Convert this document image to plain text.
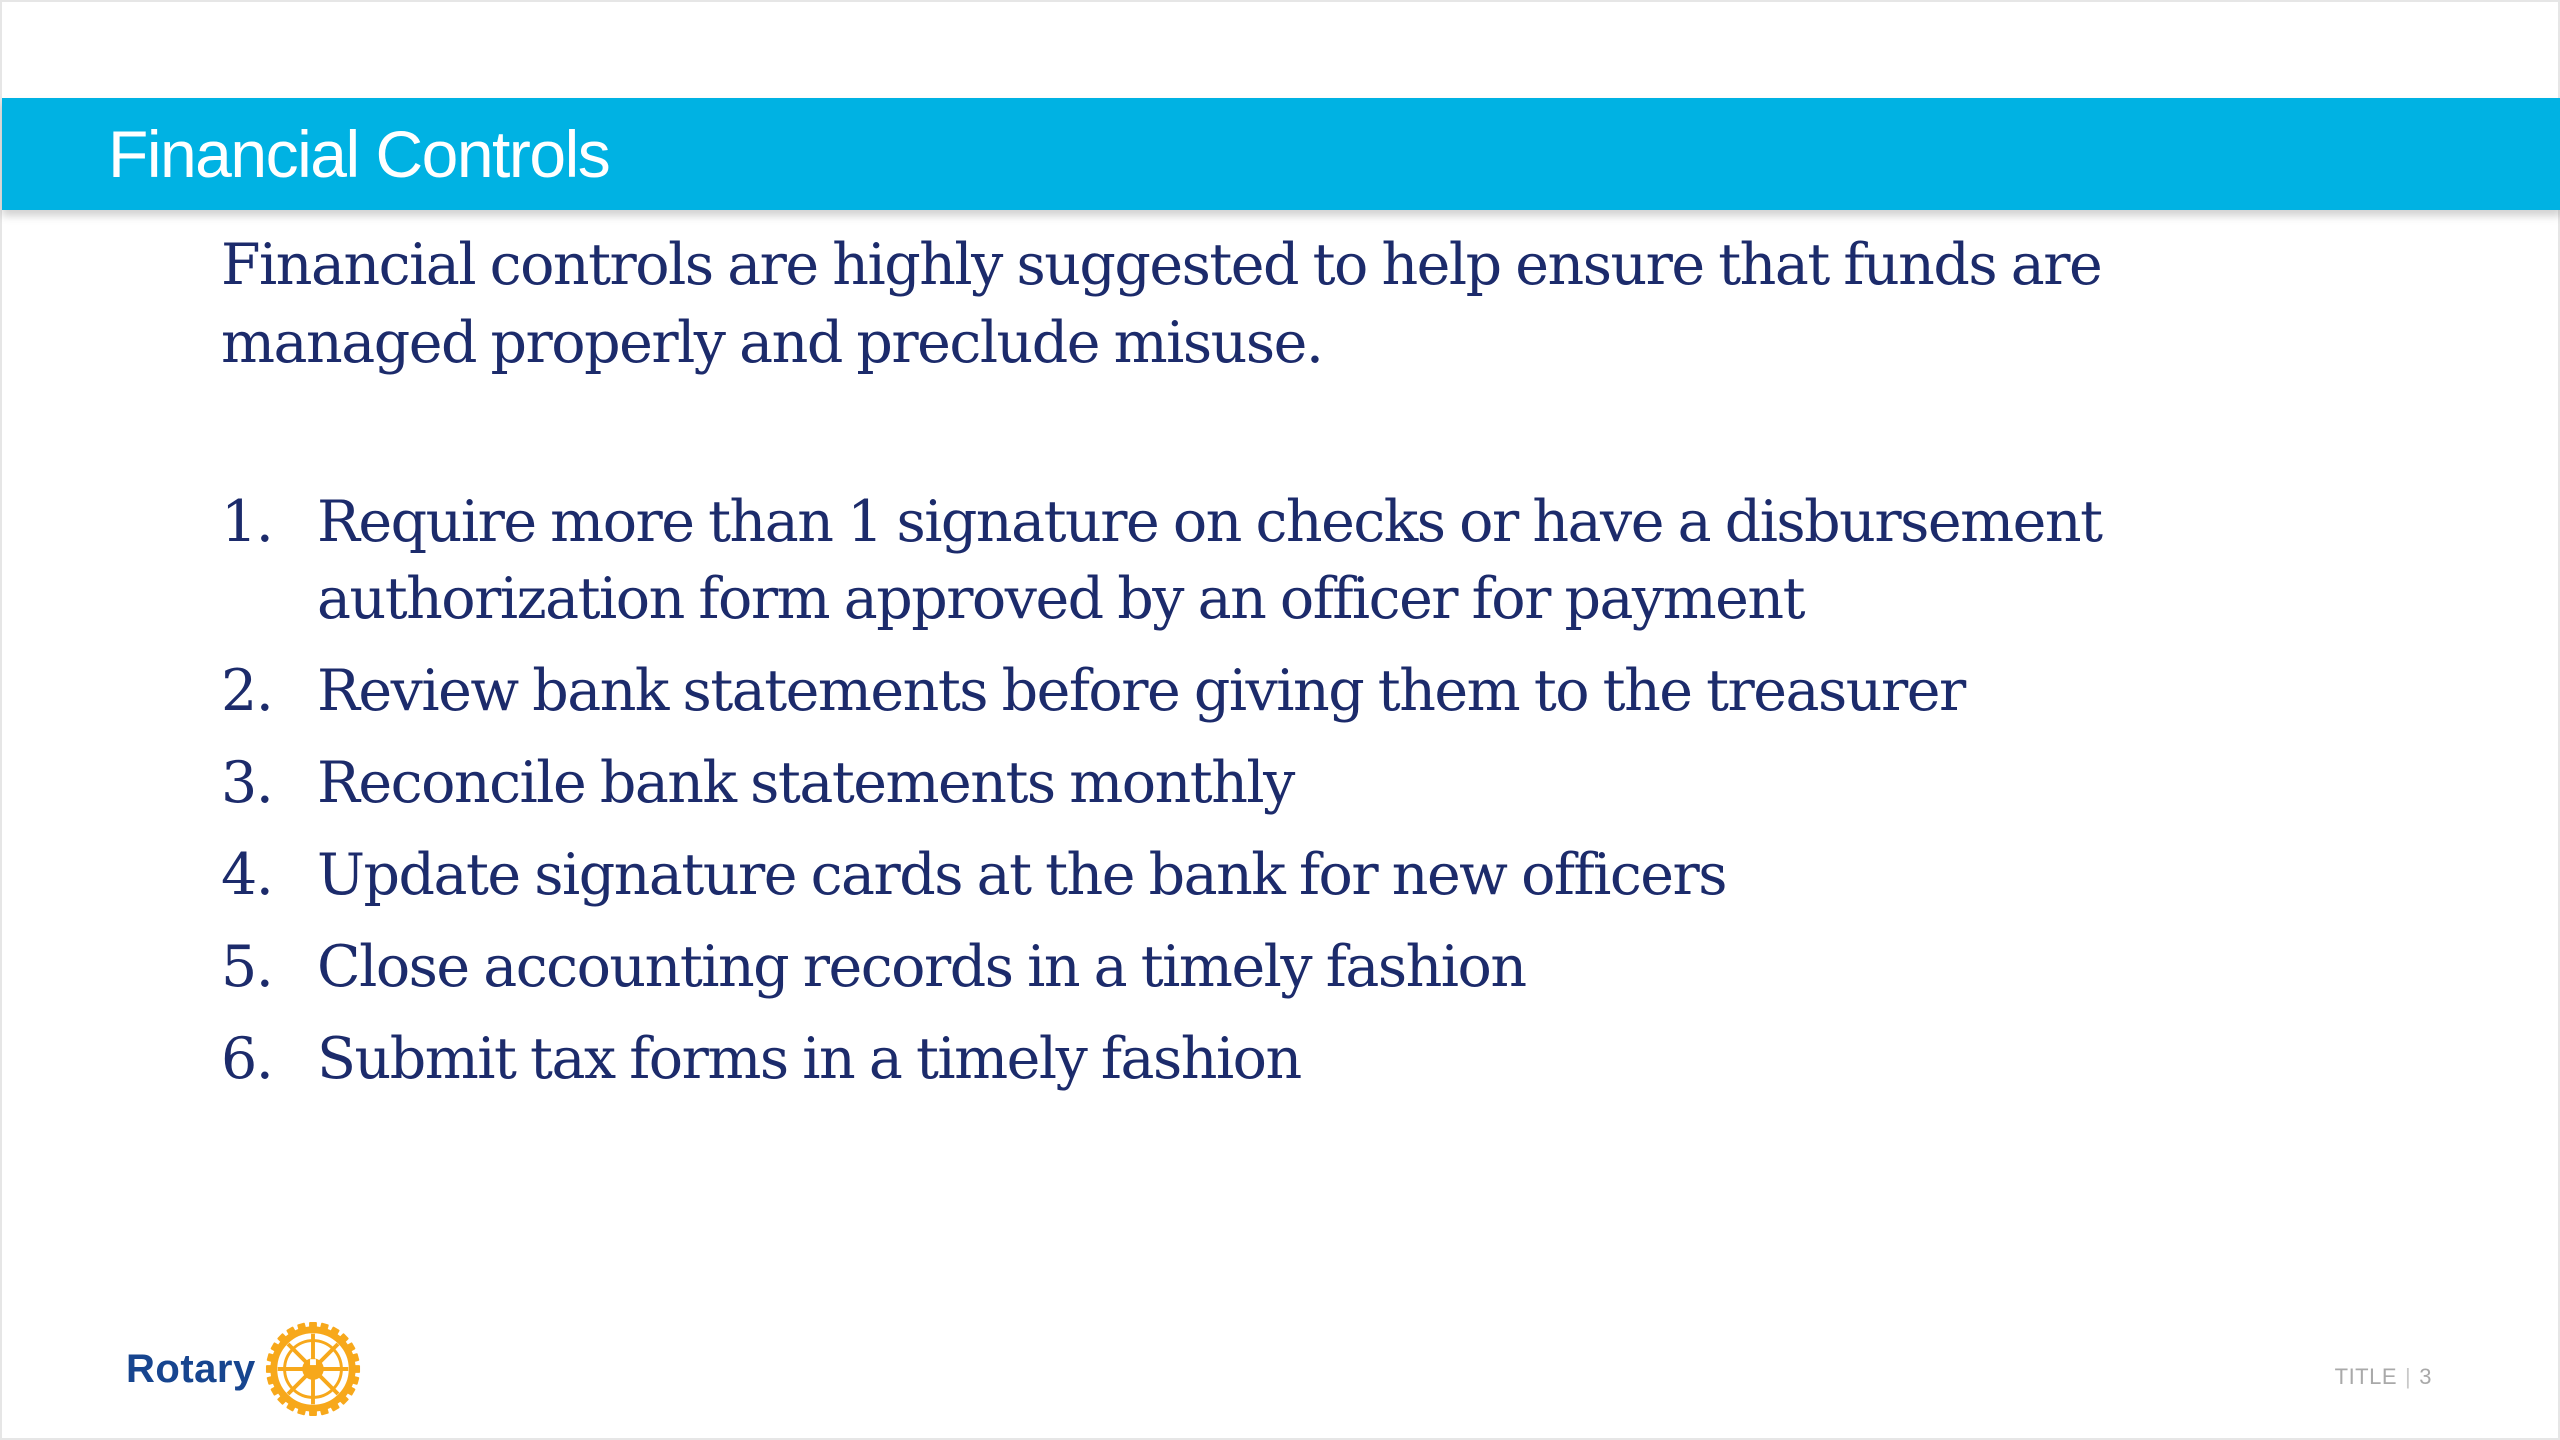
Financial Controls

Financial controls are highly suggested to help ensure that funds are managed properly and preclude misuse.

1. Require more than 1 signature on checks or have a disbursement authorization form approved by an officer for payment
2. Review bank statements before giving them to the treasurer
3. Reconcile bank statements monthly
4. Update signature cards at the bank for new officers
5. Close accounting records in a timely fashion
6. Submit tax forms in a timely fashion
Rotary	TITLE | 3
